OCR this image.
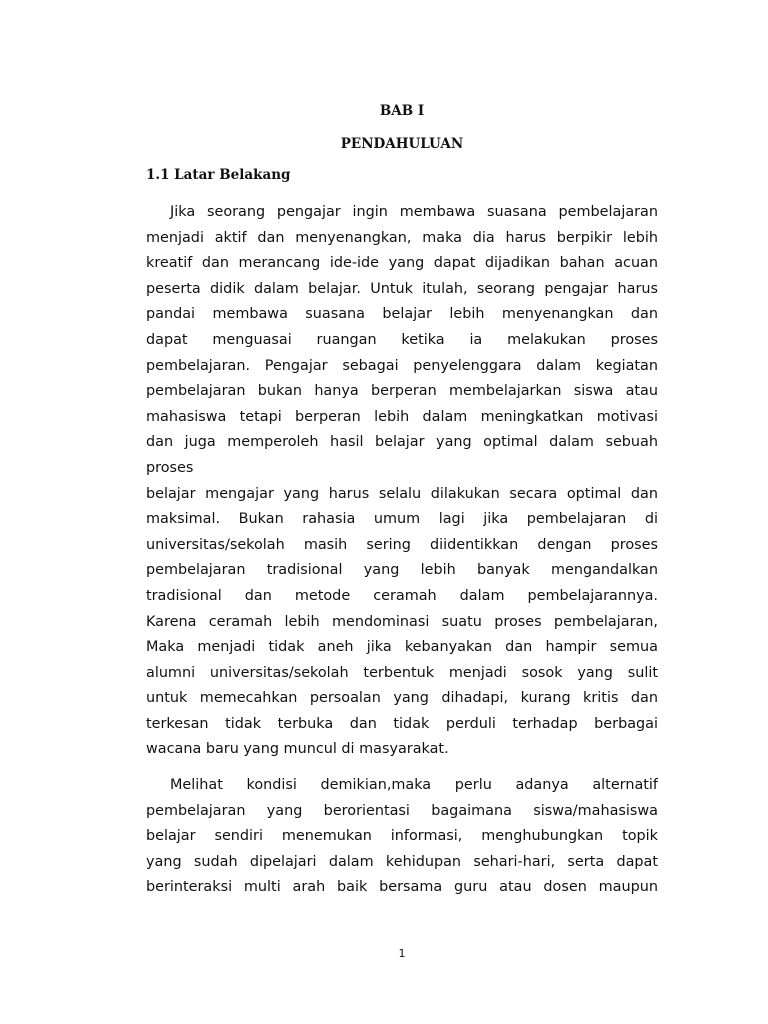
BAB I
PENDAHULUAN
1.1 Latar Belakang
Jika seorang pengajar ingin membawa suasana pembelajaran
menjadi aktif dan menyenangkan, maka dia harus berpikir lebih
kreatif dan merancang ide-ide yang dapat dijadikan bahan acuan
peserta didik dalam belajar. Untuk itulah, seorang pengajar harus
pandai membawa suasana belajar lebih menyenangkan dan
dapat menguasai ruangan ketika ia melakukan proses
pembelajaran. Pengajar sebagai penyelenggara dalam kegiatan
pembelajaran bukan hanya berperan membelajarkan siswa atau
mahasiswa tetapi berperan lebih dalam meningkatkan motivasi
dan juga memperoleh hasil belajar yang optimal dalam sebuah
proses
belajar mengajar yang harus selalu dilakukan secara optimal dan
maksimal. Bukan rahasia umum lagi jika pembelajaran di
universitas/sekolah masih sering diidentikkan dengan proses
pembelajaran tradisional yang lebih banyak mengandalkan
tradisional dan metode ceramah dalam pembelajarannya.
Karena ceramah lebih mendominasi suatu proses pembelajaran,
Maka menjadi tidak aneh jika kebanyakan dan hampir semua
alumni universitas/sekolah terbentuk menjadi sosok yang sulit
untuk memecahkan persoalan yang dihadapi, kurang kritis dan
terkesan tidak terbuka dan tidak perduli terhadap berbagai
wacana baru yang muncul di masyarakat.
Melihat kondisi demikian,maka perlu adanya alternatif
pembelajaran yang berorientasi bagaimana siswa/mahasiswa
belajar sendiri menemukan informasi, menghubungkan topik
yang sudah dipelajari dalam kehidupan sehari-hari, serta dapat
berinteraksi multi arah baik bersama guru atau dosen maupun
1
